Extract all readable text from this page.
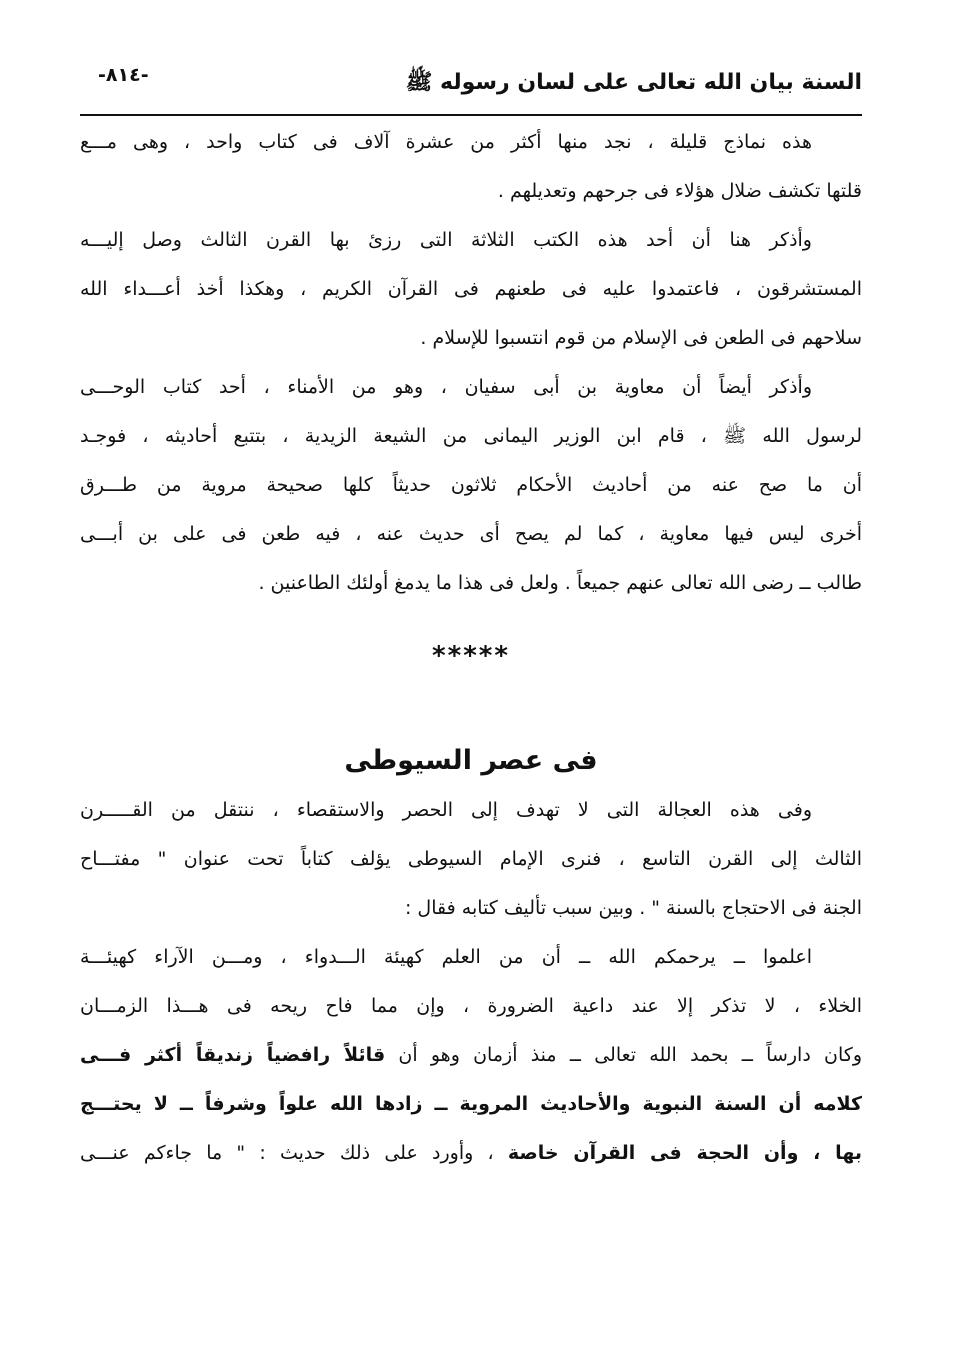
السنة بيان الله تعالى على لسان رسوله ﷺ
-٨١٤-
هذه نماذج قليلة ، نجد منها أكثر من عشرة آلاف فى كتاب واحد ، وهى مـــع
قلتها تكشف ضلال هؤلاء فى جرحهم وتعديلهم .
وأذكر هنا أن أحد هذه الكتب الثلاثة التى رزئ بها القرن الثالث وصل إليـــه
المستشرقون ، فاعتمدوا عليه فى طعنهم فى القرآن الكريم ، وهكذا أخذ أعـــداء الله
سلاحهم فى الطعن فى الإسلام من قوم انتسبوا للإسلام .
وأذكر أيضاً أن معاوية بن أبى سفيان ، وهو من الأمناء ، أحد كتاب الوحـــى
لرسول الله ﷺ ، قام ابن الوزير اليمانى من الشيعة الزيدية ، بتتبع أحاديثه ، فوجـد
أن ما صح عنه من أحاديث الأحكام ثلاثون حديثاً كلها صحيحة مروية من طـــرق
أخرى ليس فيها معاوية ، كما لم يصح أى حديث عنه ، فيه طعن فى على بن أبـــى
طالب ــ رضى الله تعالى عنهم جميعاً . ولعل فى هذا ما يدمغ أولئك الطاعنين .
*****
فى عصر السيوطى
وفى هذه العجالة التى لا تهدف إلى الحصر والاستقصاء ، ننتقل من القـــــرن
الثالث إلى القرن التاسع ، فنرى الإمام السيوطى يؤلف كتاباً تحت عنوان " مفتـــاح
الجنة فى الاحتجاج بالسنة " . وبين سبب تأليف كتابه فقال :
اعلموا ــ يرحمكم الله ــ أن من العلم كهيئة الـــدواء ، ومـــن الآراء كهيئـــة
الخلاء ، لا تذكر إلا عند داعية الضرورة ، وإن مما فاح ريحه فى هـــذا الزمـــان
وكان دارساً ــ بحمد الله تعالى ــ منذ أزمان وهو أن قائلاً رافضياً زنديقاً أكثر فـــى
كلامه أن السنة النبوية والأحاديث المروية ــ زادها الله علواً وشرفاً ــ لا يحتـــج
بها ، وأن الحجة فى القرآن خاصة ، وأورد على ذلك حديث : " ما جاءكم عنـــى
